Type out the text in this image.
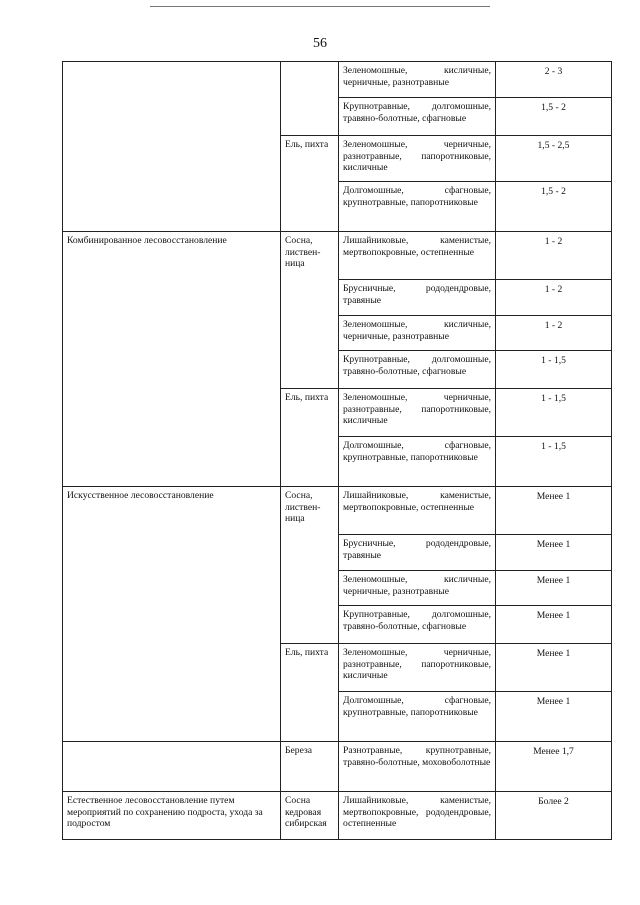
56
		Зеленомошные, кисличные, черничные, разнотравные	2 - 3
		Крупнотравные, долгомошные, травяно-болотные, сфагновые	1,5 - 2
	Ель, пихта	Зеленомошные, черничные, разнотравные, папоротниковые, кисличные	1,5 - 2,5
		Долгомошные, сфагновые, крупнотравные, папоротниковые	1,5 - 2
Комбинированное лесовосстановление	Сосна, листвен-ница	Лишайниковые, каменистые, мертвопокровные, остепненные	1 - 2
		Брусничные, рододендровые, травяные	1 - 2
		Зеленомошные, кисличные, черничные, разнотравные	1 - 2
		Крупнотравные, долгомошные, травяно-болотные, сфагновые	1 - 1,5
	Ель, пихта	Зеленомошные, черничные, разнотравные, папоротниковые, кисличные	1 - 1,5
		Долгомошные, сфагновые, крупнотравные, папоротниковые	1 - 1,5
Искусственное лесовосстановление	Сосна, листвен-ница	Лишайниковые, каменистые, мертвопокровные, остепненные	Менее 1
		Брусничные, рододендровые, травяные	Менее 1
		Зеленомошные, кисличные, черничные, разнотравные	Менее 1
		Крупнотравные, долгомошные, травяно-болотные, сфагновые	Менее 1
	Ель, пихта	Зеленомошные, черничные, разнотравные, папоротниковые, кисличные	Менее 1
		Долгомошные, сфагновые, крупнотравные, папоротниковые	Менее 1
	Береза	Разнотравные, крупнотравные, травяно-болотные, моховоболотные	Менее 1,7
Естественное лесовосстановление путем мероприятий по сохранению подроста, ухода за подростом	Сосна кедровая сибирская	Лишайниковые, каменистые, мертвопокровные, рододендровые, остепненные	Более 2
